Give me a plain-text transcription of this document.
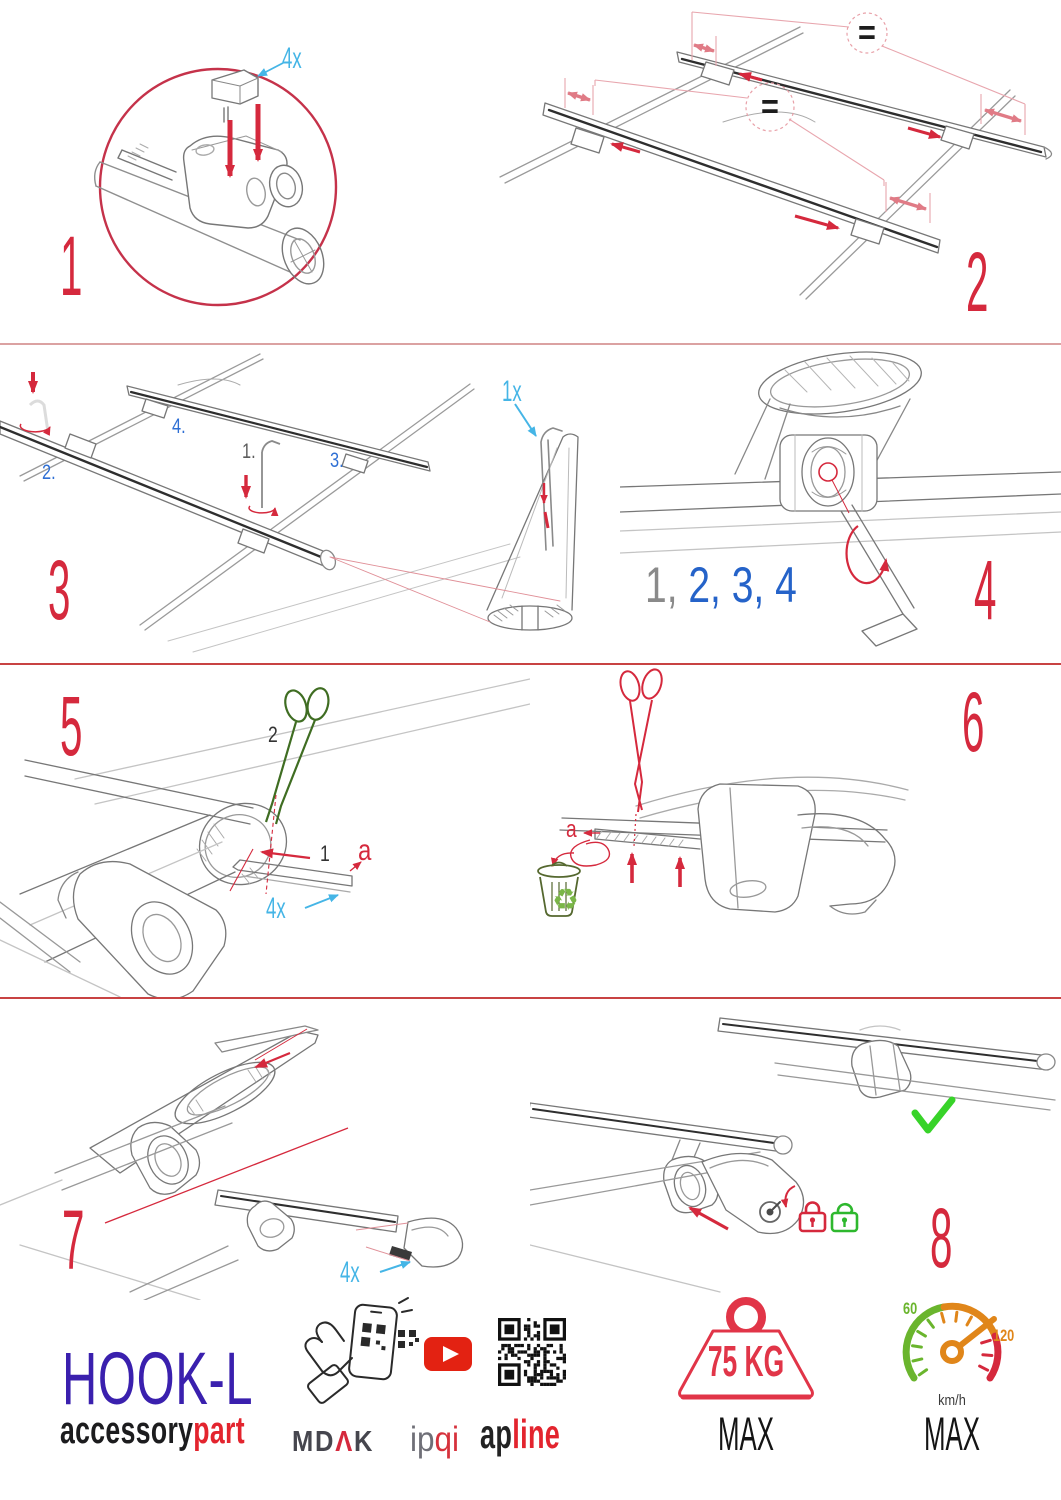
1	2
3	4
5	6
7	8
4x
1x
4x
4x
=
=
1.
2.
3.
4.
1, 2, 3, 4
2
1 a
a
♻
HOOK-L
accessorypart MDΛK ipqi apline
75 KG
MAX
60
120
km/h
MAX
